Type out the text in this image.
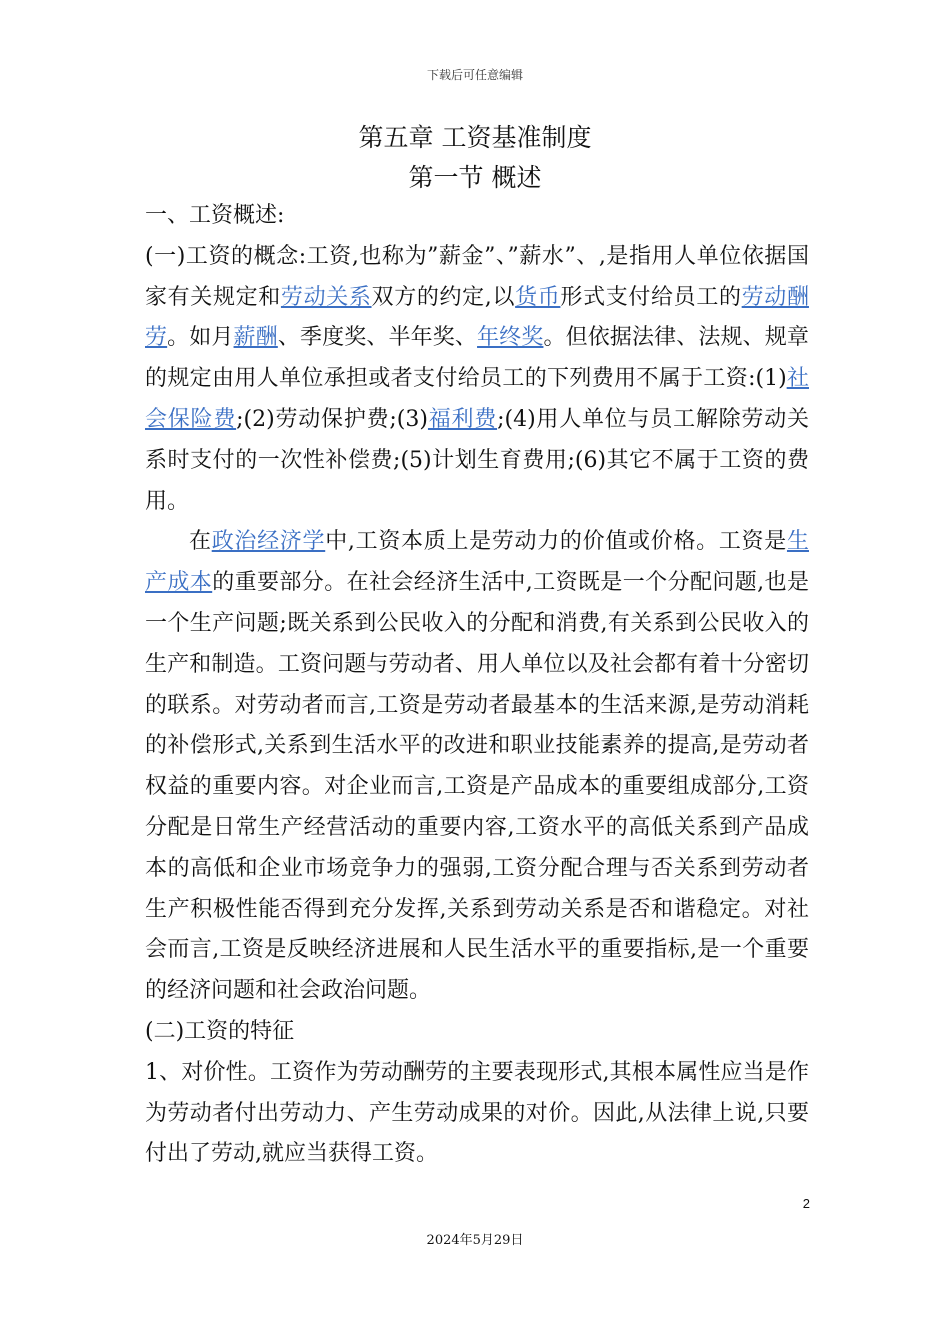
下载后可任意编辑
第五章 工资基准制度
第一节 概述

一、工资概述:

(一)工资的概念:工资,也称为”薪金”、”薪水”、,是指用人单位依据国家有关规定和劳动关系双方的约定,以货币形式支付给员工的劳动酬劳。如月薪酬、季度奖、半年奖、年终奖。但依据法律、法规、规章的规定由用人单位承担或者支付给员工的下列费用不属于工资:(1)社会保险费;(2)劳动保护费;(3)福利费;(4)用人单位与员工解除劳动关系时支付的一次性补偿费;(5)计划生育费用;(6)其它不属于工资的费用。

在政治经济学中,工资本质上是劳动力的价值或价格。工资是生产成本的重要部分。在社会经济生活中,工资既是一个分配问题,也是一个生产问题;既关系到公民收入的分配和消费,有关系到公民收入的生产和制造。工资问题与劳动者、用人单位以及社会都有着十分密切的联系。对劳动者而言,工资是劳动者最基本的生活来源,是劳动消耗的补偿形式,关系到生活水平的改进和职业技能素养的提高,是劳动者权益的重要内容。对企业而言,工资是产品成本的重要组成部分,工资分配是日常生产经营活动的重要内容,工资水平的高低关系到产品成本的高低和企业市场竞争力的强弱,工资分配合理与否关系到劳动者生产积极性能否得到充分发挥,关系到劳动关系是否和谐稳定。对社会而言,工资是反映经济进展和人民生活水平的重要指标,是一个重要的经济问题和社会政治问题。

(二)工资的特征

1、对价性。工资作为劳动酬劳的主要表现形式,其根本属性应当是作为劳动者付出劳动力、产生劳动成果的对价。因此,从法律上说,只要付出了劳动,就应当获得工资。

2
2024年5月29日
